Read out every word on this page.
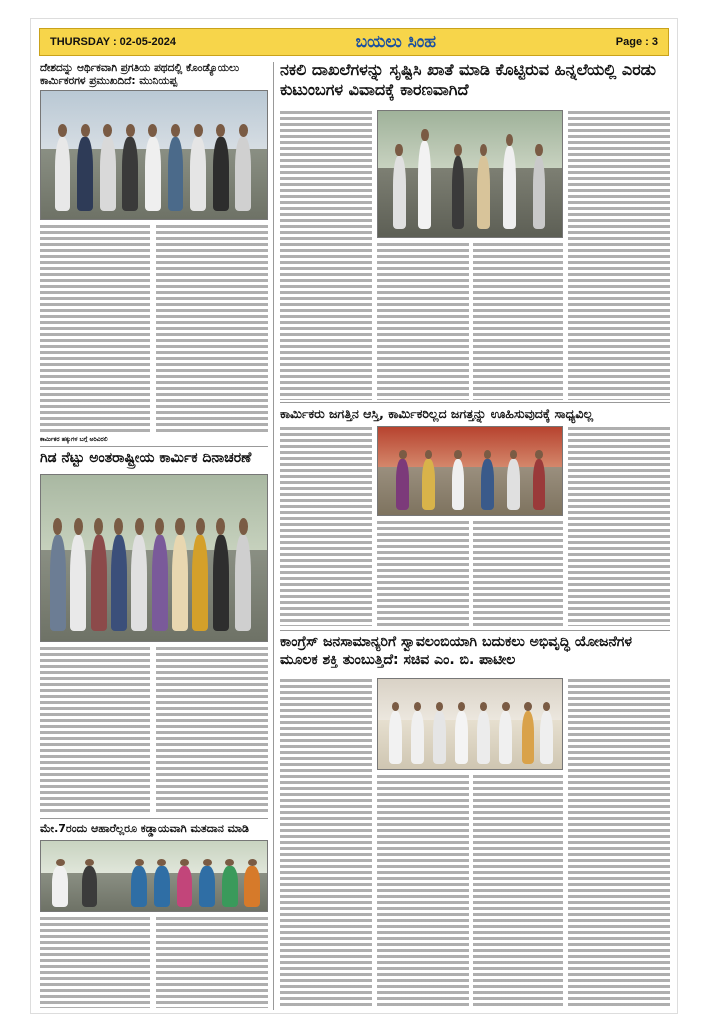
THURSDAY : 02-05-2024	ಬಯಲು ಸಿಂಹ	Page : 3
ದೇಶದನ್ನು ಆರ್ಥಿಕವಾಗಿ ಪ್ರಗತಿಯ ಪಥದಲ್ಲಿ ಕೊಂಡ್ಯೊಯಲು ಕಾರ್ಮಿಕರಗಳ ಪ್ರಮುಖದಿದೆ: ಮುನಿಯಪ್ಪ
ಕಾರ್ಮಿಕರ ಹಕ್ಕುಗಳ ಬಗ್ಗೆ ಅರಿವಿರಲಿ
ಗಿಡ ನೆಟ್ಟು ಅಂತರಾಷ್ಟ್ರೀಯ ಕಾರ್ಮಿಕ ದಿನಾಚರಣೆ
ಮೇ.7ರಂದು ಆಹಾರೆಲ್ಲರೂ ಕಡ್ಡಾಯವಾಗಿ ಮತದಾನ ಮಾಡಿ
ನಕಲಿ ದಾಖಲೆಗಳನ್ನು ಸೃಷ್ಟಿಸಿ ಖಾತೆ ಮಾಡಿ ಕೊಟ್ಟಿರುವ ಹಿನ್ನಲೆಯಲ್ಲಿ ಎರಡು ಕುಟುಂಬಗಳ ವಿವಾದಕ್ಕೆ ಕಾರಣವಾಗಿದೆ
ಕಾರ್ಮಿಕರು ಜಗತ್ತಿನ ಆಸ್ತಿ, ಕಾರ್ಮಿಕರಿಲ್ಲದ ಜಗತ್ತನ್ನು ಊಹಿಸುವುದಕ್ಕೆ ಸಾಧ್ಯವಿಲ್ಲ
ಕಾಂಗ್ರೆಸ್ ಜನಸಾಮಾನ್ಯರಿಗೆ ಸ್ವಾವಲಂಬಿಯಾಗಿ ಬದುಕಲು ಅಭಿವೃದ್ಧಿ ಯೋಜನೆಗಳ ಮೂಲಕ ಶಕ್ತಿ ತುಂಬುತ್ತಿದೆ: ಸಚಿವ ಎಂ. ಬಿ. ಪಾಟೀಲ
